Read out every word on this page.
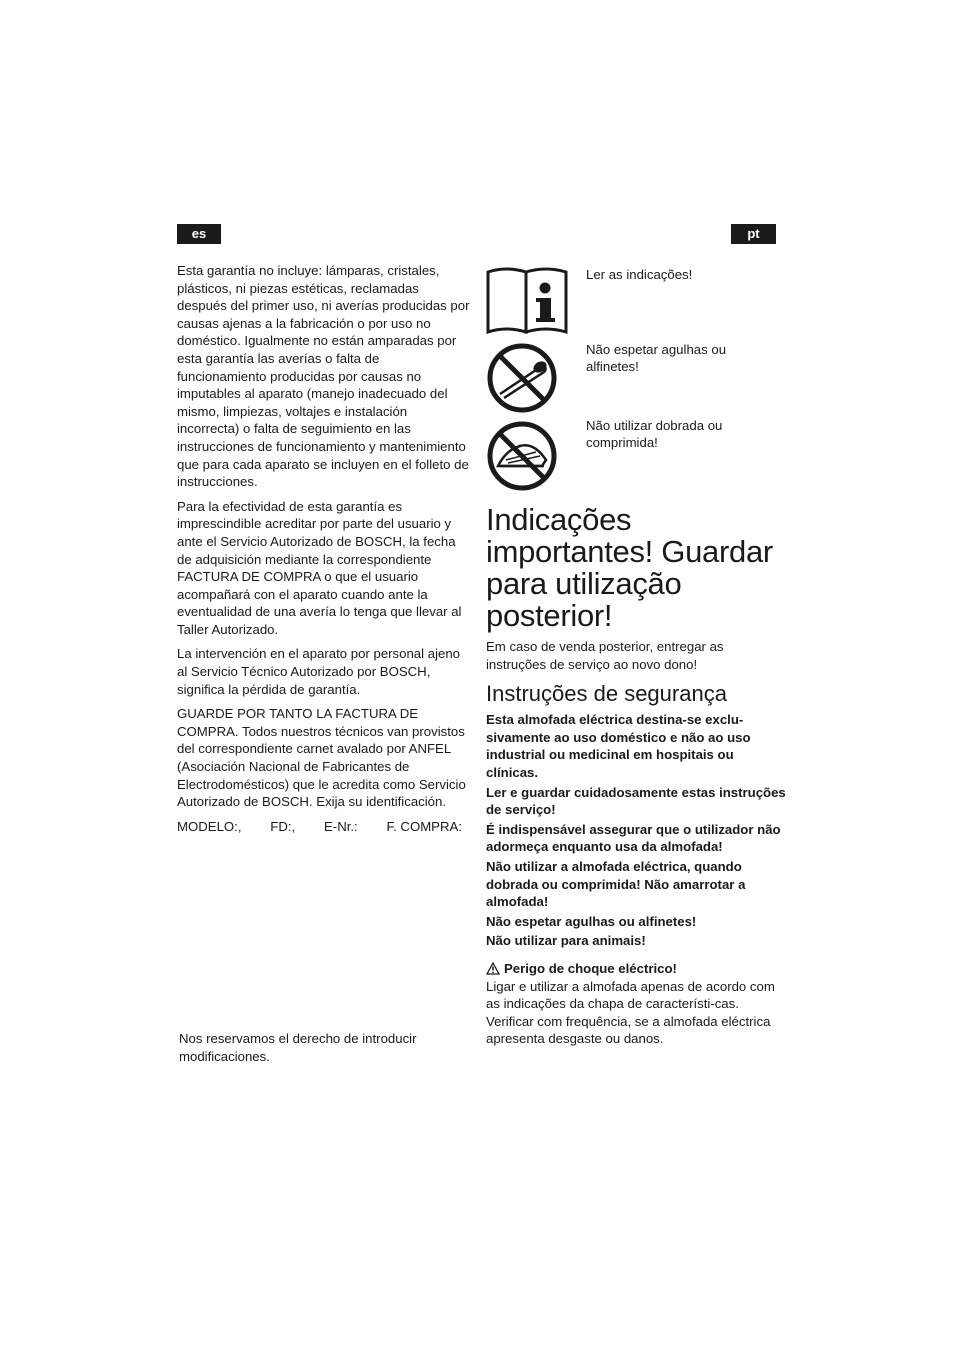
es	pt

Esta garantía no incluye: lámparas, cristales, plásticos, ni piezas estéticas, reclamadas después del primer uso, ni averías producidas por causas ajenas a la fabricación o por uso no doméstico. Igualmente no están amparadas por esta garantía las averías o falta de funcionamiento producidas por causas no imputables al aparato (manejo inadecuado del mismo, limpiezas, voltajes e instalación incorrecta) o falta de seguimiento en las instrucciones de funcionamiento y mantenimiento que para cada aparato se incluyen en el folleto de instrucciones.

Para la efectividad de esta garantía es imprescindible acreditar por parte del usuario y ante el Servicio Autorizado de BOSCH, la fecha de adquisición mediante la correspondiente FACTURA DE COMPRA o que el usuario acompañará con el aparato cuando ante la eventualidad de una avería lo tenga que llevar al Taller Autorizado.

La intervención en el aparato por personal ajeno al Servicio Técnico Autorizado por BOSCH, significa la pérdida de garantía.

GUARDE POR TANTO LA FACTURA DE COMPRA. Todos nuestros técnicos van provistos del correspondiente carnet avalado por ANFEL (Asociación Nacional de Fabricantes de Electrodomésticos) que le acredita como Servicio Autorizado de BOSCH. Exija su identificación.

MODELO:, FD:, E-Nr.: F. COMPRA:

Nos reservamos el derecho de introducir modificaciones.

Ler as indicações!

Não espetar agulhas ou alfinetes!

Não utilizar dobrada ou comprimida!

Indicações importantes! Guardar para utilização posterior!

Em caso de venda posterior, entregar as instruções de serviço ao novo dono!

Instruções de segurança

Esta almofada eléctrica destina-se exclu-sivamente ao uso doméstico e não ao uso industrial ou medicinal em hospitais ou clínicas.

Ler e guardar cuidadosamente estas instruções de serviço!

É indispensável assegurar que o utilizador não adormeça enquanto usa da almofada!

Não utilizar a almofada eléctrica, quando dobrada ou comprimida! Não amarrotar a almofada!

Não espetar agulhas ou alfinetes!

Não utilizar para animais!

Perigo de choque eléctrico!

Ligar e utilizar a almofada apenas de acordo com as indicações da chapa de característi-cas.

Verificar com frequência, se a almofada eléctrica apresenta desgaste ou danos.
